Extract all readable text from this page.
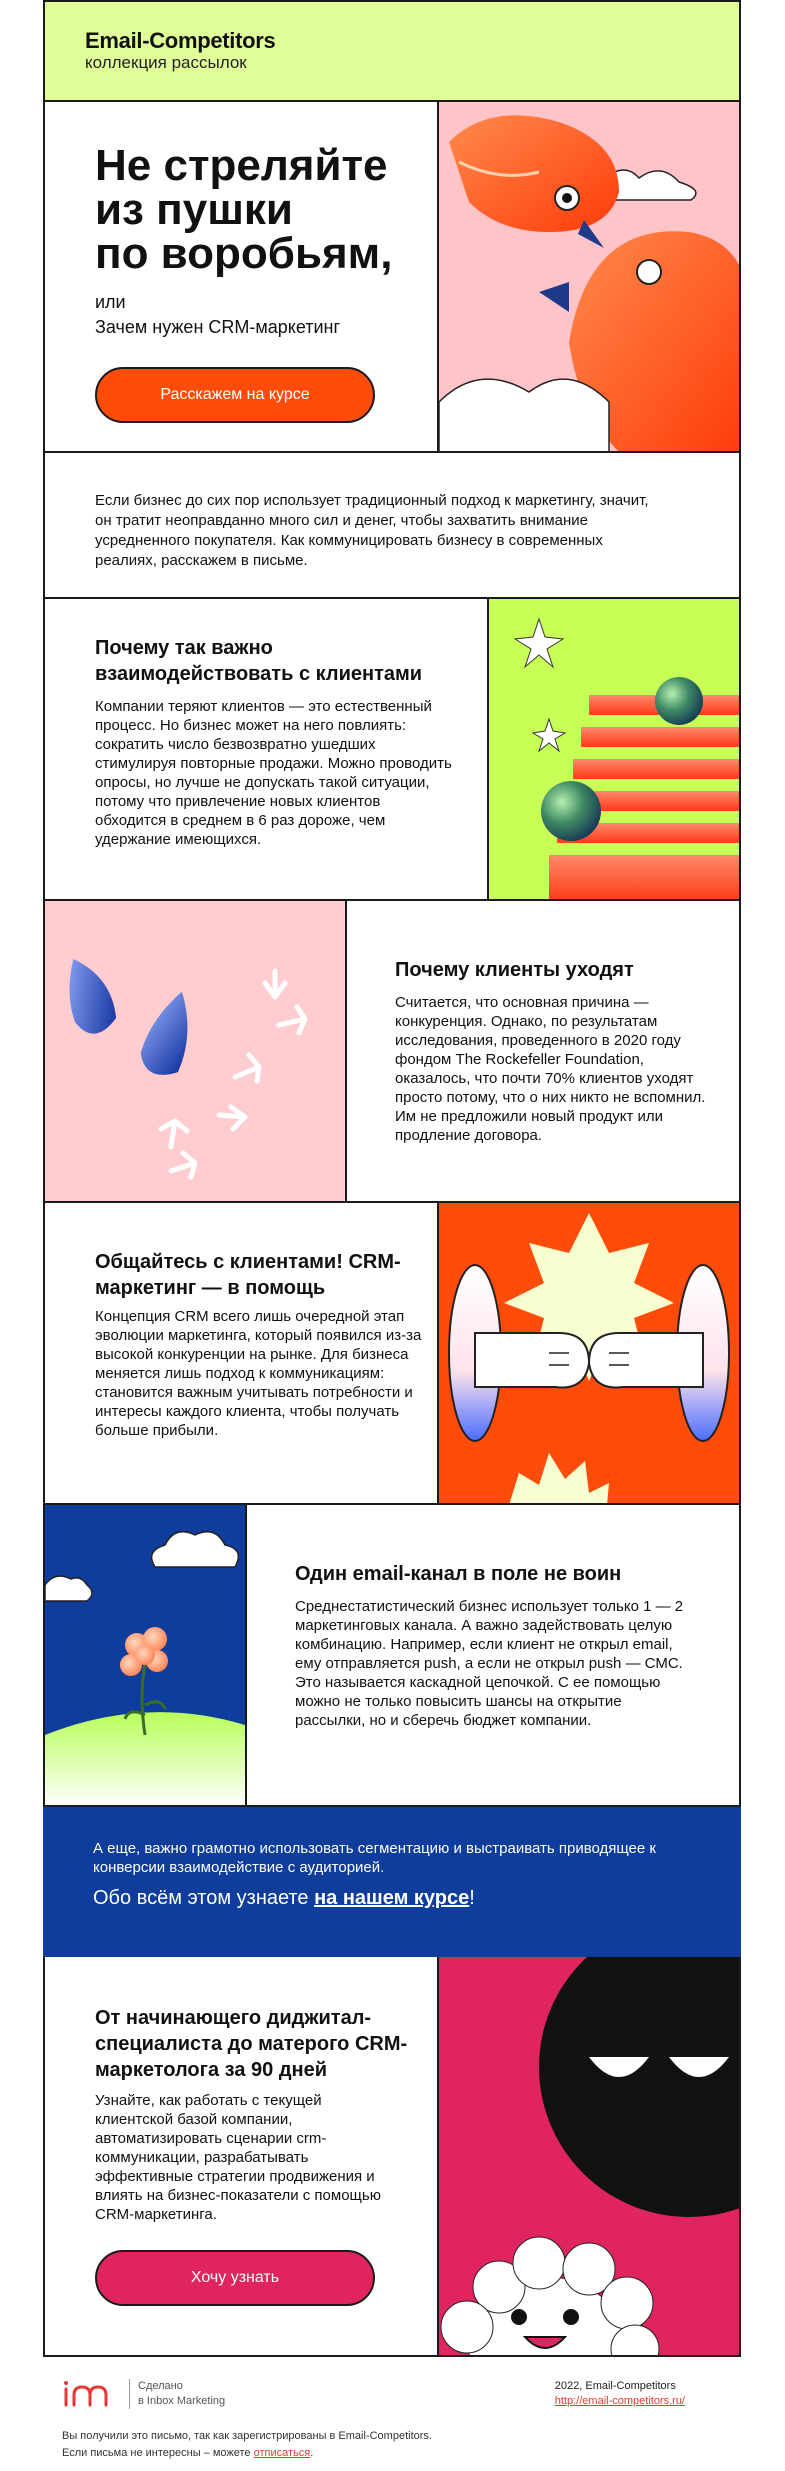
Email-Competitors
коллекция рассылок
Не стреляйте
из пушки
по воробьям,
или
Зачем нужен CRM-маркетинг
Расскажем на курсе

Если бизнес до сих пор использует традиционный подход к маркетингу, значит, он тратит неоправданно много сил и денег, чтобы захватить внимание усредненного покупателя. Как коммуницировать бизнесу в современных реалиях, расскажем в письме.

Почему так важно взаимодействовать с клиентами

Компании теряют клиентов — это естественный процесс. Но бизнес может на него повлиять: сократить число безвозвратно ушедших стимулируя повторные продажи. Можно проводить опросы, но лучше не допускать такой ситуации, потому что привлечение новых клиентов обходится в среднем в 6 раз дороже, чем удержание имеющихся.

Почему клиенты уходят

Считается, что основная причина — конкуренция. Однако, по результатам исследования, проведенного в 2020 году фондом The Rockefeller Foundation, оказалось, что почти 70% клиентов уходят просто потому, что о них никто не вспомнил. Им не предложили новый продукт или продление договора.

Общайтесь с клиентами! CRM-маркетинг — в помощь

Концепция CRM всего лишь очередной этап эволюции маркетинга, который появился из-за высокой конкуренции на рынке. Для бизнеса меняется лишь подход к коммуникациям: становится важным учитывать потребности и интересы каждого клиента, чтобы получать больше прибыли.

Один email-канал в поле не воин

Среднестатистический бизнес использует только 1 — 2 маркетинговых канала. А важно задействовать целую комбинацию. Например, если клиент не открыл email, ему отправляется push, а если не открыл push — СМС. Это называется каскадной цепочкой. С ее помощью можно не только повысить шансы на открытие рассылки, но и сберечь бюджет компании.

А еще, важно грамотно использовать сегментацию и выстраивать приводящее к конверсии взаимодействие с аудиторией.
Обо всём этом узнаете на нашем курсе!
От начинающего диджитал-специалиста до матерого CRM-маркетолога за 90 дней

Узнайте, как работать с текущей клиентской базой компании, автоматизировать сценарии crm-коммуникации, разрабатывать эффективные стратегии продвижения и влиять на бизнес-показатели с помощью CRM-маркетинга.

Хочу узнать
Сделано
в Inbox Marketing
2022, Email-Competitors
http://email-competitors.ru/
Вы получили это письмо, так как зарегистрированы в Email-Competitors.
Если письма не интересны – можете отписаться.
